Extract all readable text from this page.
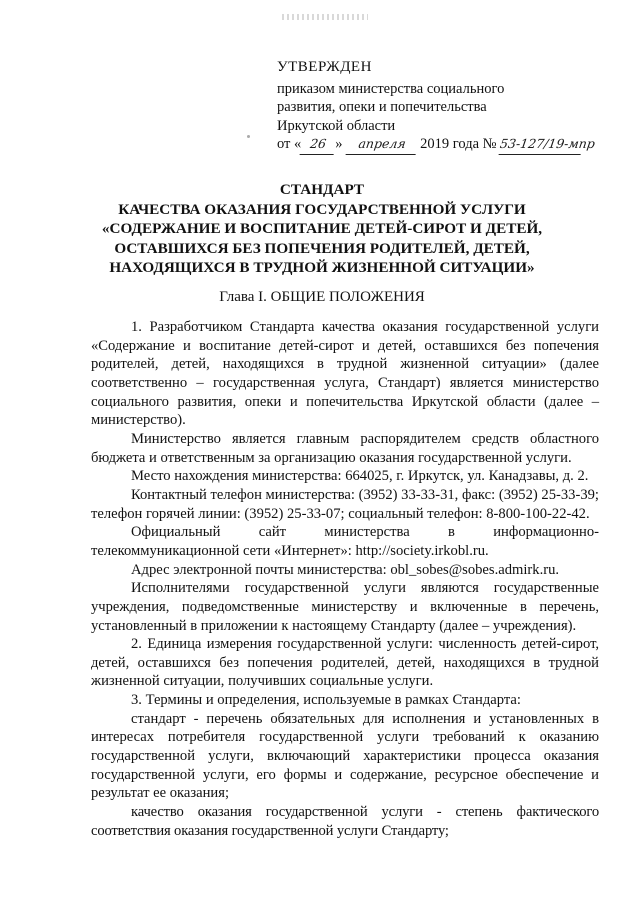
УТВЕРЖДЕН
приказом министерства социального
развития, опеки и попечительства
Иркутской области
от « 26 » апреля 2019 года № 53-127/19-мпр
СТАНДАРТ
КАЧЕСТВА ОКАЗАНИЯ ГОСУДАРСТВЕННОЙ УСЛУГИ
«СОДЕРЖАНИЕ И ВОСПИТАНИЕ ДЕТЕЙ-СИРОТ И ДЕТЕЙ,
ОСТАВШИХСЯ БЕЗ ПОПЕЧЕНИЯ РОДИТЕЛЕЙ, ДЕТЕЙ,
НАХОДЯЩИХСЯ В ТРУДНОЙ ЖИЗНЕННОЙ СИТУАЦИИ»
Глава I. ОБЩИЕ ПОЛОЖЕНИЯ

1. Разработчиком Стандарта качества оказания государственной услуги «Содержание и воспитание детей-сирот и детей, оставшихся без попечения родителей, детей, находящихся в трудной жизненной ситуации» (далее соответственно – государственная услуга, Стандарт) является министерство социального развития, опеки и попечительства Иркутской области (далее – министерство).

Министерство является главным распорядителем средств областного бюджета и ответственным за организацию оказания государственной услуги.

Место нахождения министерства: 664025, г. Иркутск, ул. Канадзавы, д. 2.

Контактный телефон министерства: (3952) 33-33-31, факс: (3952) 25-33-39; телефон горячей линии: (3952) 25-33-07; социальный телефон: 8-800-100-22-42.

Официальный сайт министерства в информационно-телекоммуникационной сети «Интернет»: http://society.irkobl.ru.

Адрес электронной почты министерства: obl_sobes@sobes.admirk.ru.

Исполнителями государственной услуги являются государственные учреждения, подведомственные министерству и включенные в перечень, установленный в приложении к настоящему Стандарту (далее – учреждения).

2. Единица измерения государственной услуги: численность детей-сирот, детей, оставшихся без попечения родителей, детей, находящихся в трудной жизненной ситуации, получивших социальные услуги.

3. Термины и определения, используемые в рамках Стандарта:

стандарт - перечень обязательных для исполнения и установленных в интересах потребителя государственной услуги требований к оказанию государственной услуги, включающий характеристики процесса оказания государственной услуги, его формы и содержание, ресурсное обеспечение и результат ее оказания;

качество оказания государственной услуги - степень фактического соответствия оказания государственной услуги Стандарту;
